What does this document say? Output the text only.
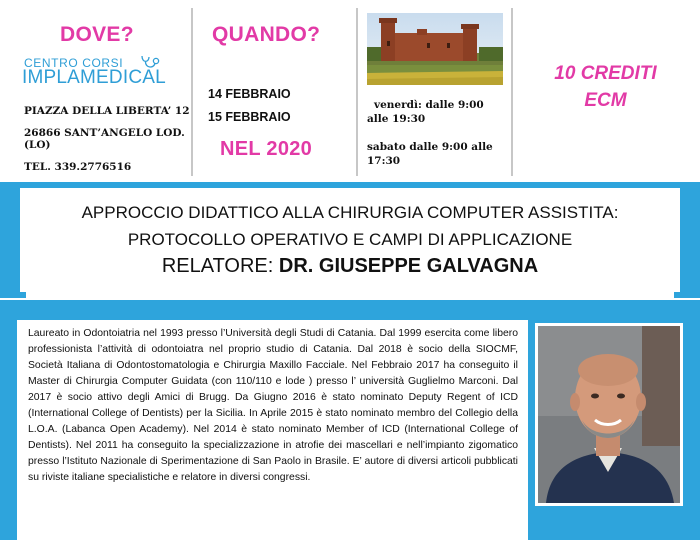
DOVE?
CENTRO CORSI
IMPLAMEDICAL
PIAZZA DELLA LIBERTA’ 12
26866 SANT’ANGELO LOD.
(LO)
TEL. 339.2776516
QUANDO?
14 FEBBRAIO
15 FEBBRAIO
NEL 2020
venerdì: dalle 9:00
alle 19:30
sabato dalle 9:00 alle
17:30
10 CREDITI
ECM
APPROCCIO DIDATTICO ALLA CHIRURGIA COMPUTER ASSISTITA:
PROTOCOLLO OPERATIVO E CAMPI DI APPLICAZIONE
RELATORE: DR. GIUSEPPE GALVAGNA
Laureato in Odontoiatria nel 1993 presso l’Università degli Studi di Catania. Dal 1999 esercita come libero professionista l’attività di odontoiatra nel proprio studio di Catania. Dal 2018 è socio della SIOCMF, Società Italiana di Odontostomatologia e Chirurgia Maxillo Facciale. Nel Febbraio 2017 ha conseguito il Master di Chirurgia Computer Guidata (con 110/110 e lode ) presso l’ università Guglielmo Marconi. Dal 2017 è socio attivo degli Amici di Brugg. Da Giugno 2016 è stato nominato Deputy Regent of ICD (International College of Dentists) per la Sicilia. In Aprile 2015 è stato nominato membro del Collegio della L.O.A. (Labanca Open Academy). Nel 2014 è stato nominato Member of ICD (International College of Dentists). Nel 2011 ha conseguito la specializzazione in atrofie dei mascellari e nell’impianto zigomatico presso l’Istituto Nazionale di Sperimentazione di San Paolo in Brasile. E’ autore di diversi articoli pubblicati su riviste italiane specialistiche e relatore in diversi congressi.
